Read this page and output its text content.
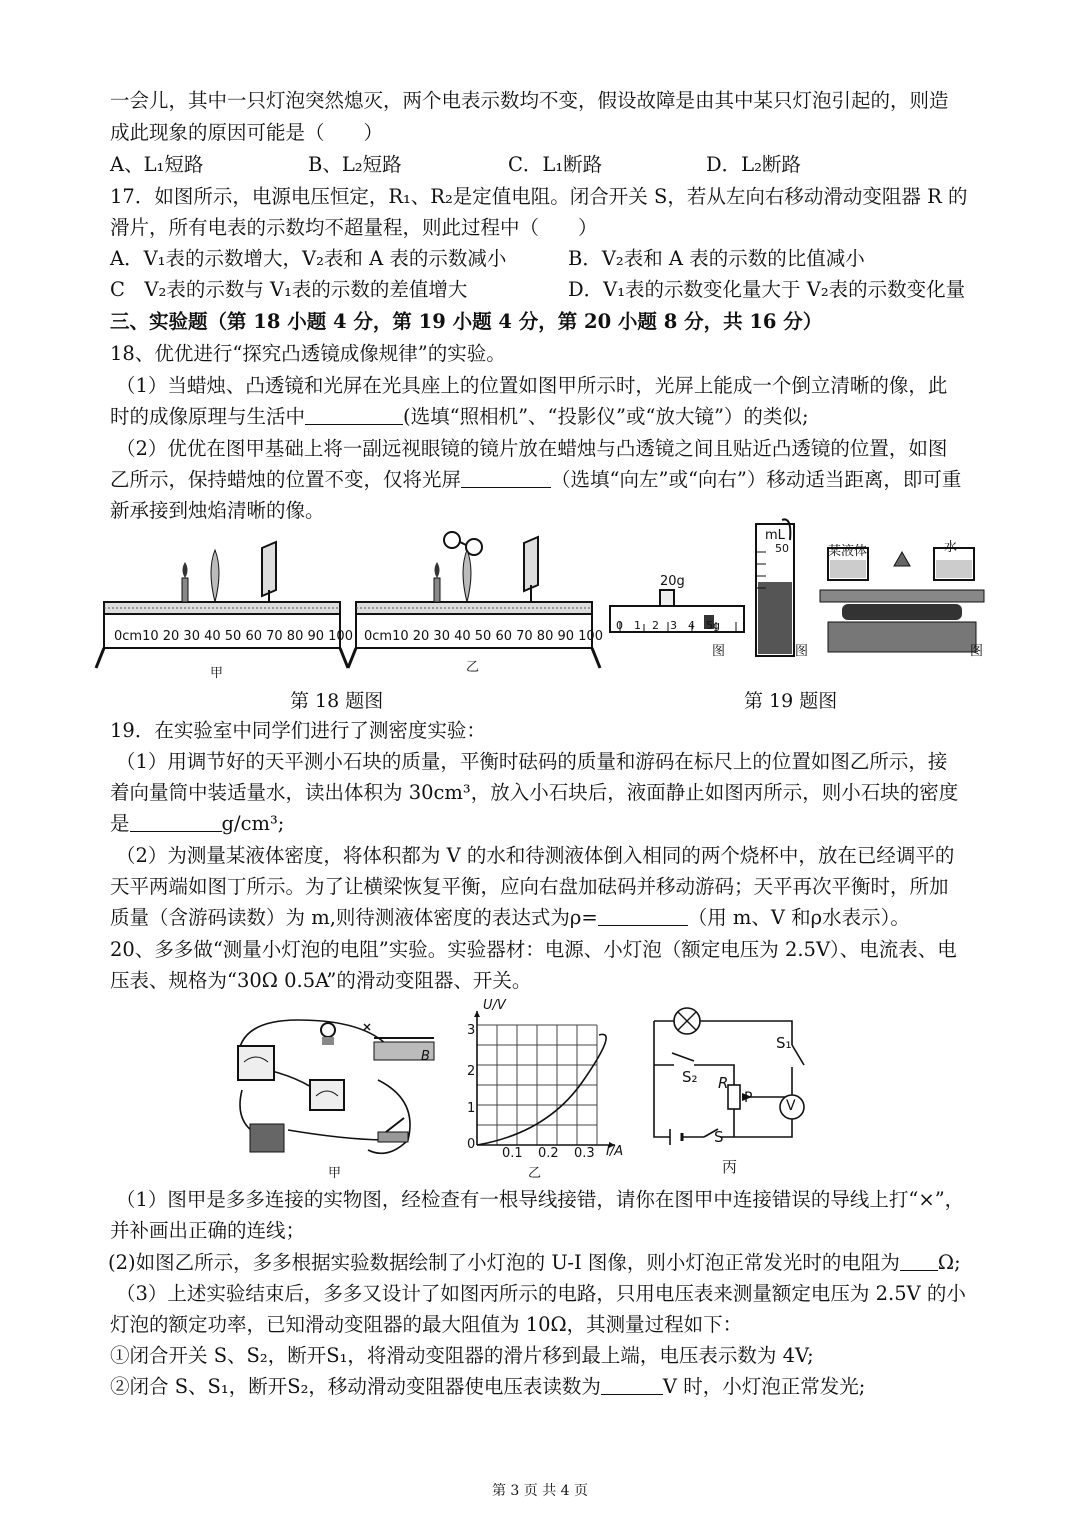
一会儿，其中一只灯泡突然熄灭，两个电表示数均不变，假设故障是由其中某只灯泡引起的，则造
成此现象的原因可能是（　　）
A、L₁短路	B、L₂短路	C．L₁断路	D．L₂断路
17．如图所示，电源电压恒定，R₁、R₂是定值电阻。闭合开关 S，若从左向右移动滑动变阻器 R 的
滑片，所有电表的示数均不超量程，则此过程中（　　）
A．V₁表的示数增大，V₂表和 A 表的示数减小	B．V₂表和 A 表的示数的比值减小
C　V₂表的示数与 V₁表的示数的差值增大	D．V₁表的示数变化量大于 V₂表的示数变化量
三、实验题（第 18 小题 4 分，第 19 小题 4 分，第 20 小题 8 分，共 16 分）
18、优优进行“探究凸透镜成像规律”的实验。
（1）当蜡烛、凸透镜和光屏在光具座上的位置如图甲所示时，光屏上能成一个倒立清晰的像，此
时的成像原理与生活中	(选填“照相机”、“投影仪”或“放大镜”）的类似;
（2）优优在图甲基础上将一副远视眼镜的镜片放在蜡烛与凸透镜之间且贴近凸透镜的位置，如图
乙所示，保持蜡烛的位置不变，仅将光屏	（选填“向左”或“向右”）移动适当距离，即可重
新承接到烛焰清晰的像。
0cm10 20 30 40 50 60 70 80 90 100
甲
0cm10 20 30 40 50 60 70 80 90 100
乙
第 18 题图
20g
0　1　2　3　4　5g
mL
50	某液体	水
图	图	图
第 19 题图
19．在实验室中同学们进行了测密度实验：
（1）用调节好的天平测小石块的质量，平衡时砝码的质量和游码在标尺上的位置如图乙所示，接
着向量筒中装适量水，读出体积为 30cm³，放入小石块后，液面静止如图丙所示，则小石块的密度
是	g/cm³;
（2）为测量某液体密度，将体积都为 V 的水和待测液体倒入相同的两个烧杯中，放在已经调平的
天平两端如图丁所示。为了让横梁恢复平衡，应向右盘加砝码并移动游码；天平再次平衡时，所加
质量（含游码读数）为 m,则待测液体密度的表达式为ρ=	（用 m、V 和ρ水表示）。
20、多多做“测量小灯泡的电阻”实验。实验器材：电源、小灯泡（额定电压为 2.5V）、电流表、电
压表、规格为“30Ω 0.5A”的滑动变阻器、开关。
B
甲
U/V
I/A
3
2
1
0
0.1 0.2 0.3
乙
S₁
S₂ R
P V
S
丙
（1）图甲是多多连接的实物图，经检查有一根导线接错，请你在图甲中连接错误的导线上打“×”，
并补画出正确的连线；
(2)如图乙所示，多多根据实验数据绘制了小灯泡的 U-I 图像，则小灯泡正常发光时的电阻为 Ω;
（3）上述实验结束后，多多又设计了如图丙所示的电路，只用电压表来测量额定电压为 2.5V 的小
灯泡的额定功率，已知滑动变阻器的最大阻值为 10Ω，其测量过程如下：
①闭合开关 S、S₂，断开S₁，将滑动变阻器的滑片移到最上端，电压表示数为 4V;
②闭合 S、S₁，断开S₂，移动滑动变阻器使电压表读数为	V 时，小灯泡正常发光;
第 3 页 共 4 页
